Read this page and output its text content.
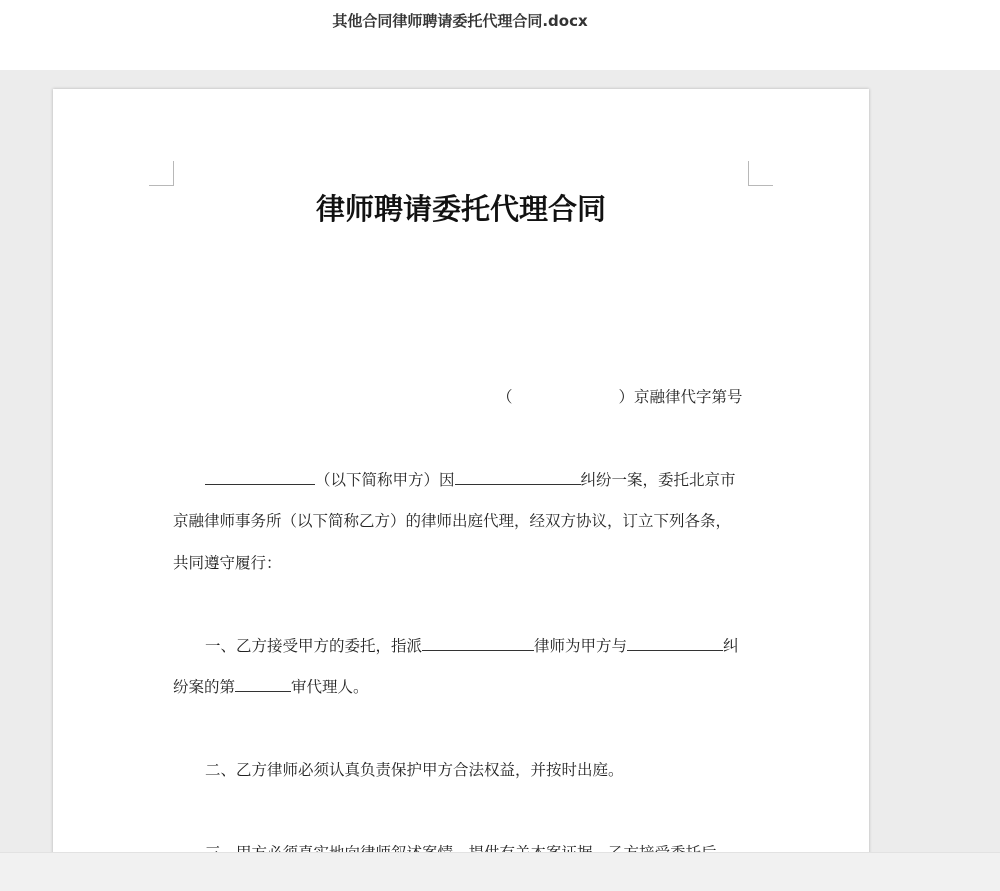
其他合同律师聘请委托代理合同.docx
律师聘请委托代理合同
（	）京融律代字第号
（以下简称甲方）因	纠纷一案，委托北京市
京融律师事务所（以下简称乙方）的律师出庭代理，经双方协议，订立下列各条，
共同遵守履行：
一、乙方接受甲方的委托，指派	律师为甲方与	纠
纷案的第	审代理人。
二、乙方律师必须认真负责保护甲方合法权益，并按时出庭。
